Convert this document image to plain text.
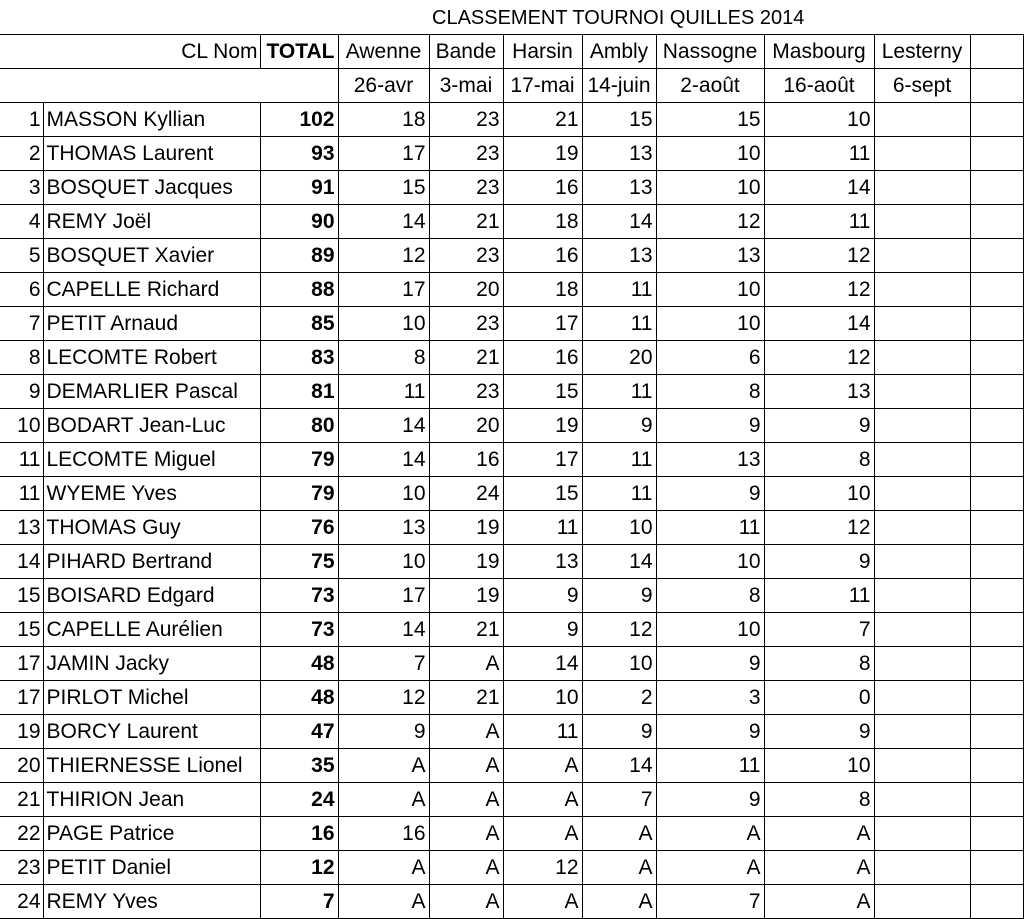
CLASSEMENT TOURNOI QUILLES 2014
CL Nom		TOTAL	Awenne	Bande	Harsin	Ambly	Nassogne	Masbourg	Lesterny	
			26-avr	3-mai	17-mai	14-juin	2-août	16-août	6-sept	
1	MASSON Kyllian	102	18	23	21	15	15	10		
2	THOMAS Laurent	93	17	23	19	13	10	11		
3	BOSQUET Jacques	91	15	23	16	13	10	14		
4	REMY Joël	90	14	21	18	14	12	11		
5	BOSQUET Xavier	89	12	23	16	13	13	12		
6	CAPELLE Richard	88	17	20	18	11	10	12		
7	PETIT Arnaud	85	10	23	17	11	10	14		
8	LECOMTE Robert	83	8	21	16	20	6	12		
9	DEMARLIER Pascal	81	11	23	15	11	8	13		
10	BODART Jean-Luc	80	14	20	19	9	9	9		
11	LECOMTE Miguel	79	14	16	17	11	13	8		
11	WYEME Yves	79	10	24	15	11	9	10		
13	THOMAS Guy	76	13	19	11	10	11	12		
14	PIHARD Bertrand	75	10	19	13	14	10	9		
15	BOISARD Edgard	73	17	19	9	9	8	11		
15	CAPELLE Aurélien	73	14	21	9	12	10	7		
17	JAMIN Jacky	48	7	A	14	10	9	8		
17	PIRLOT Michel	48	12	21	10	2	3	0		
19	BORCY Laurent	47	9	A	11	9	9	9		
20	THIERNESSE Lionel	35	A	A	A	14	11	10		
21	THIRION Jean	24	A	A	A	7	9	8		
22	PAGE Patrice	16	16	A	A	A	A	A		
23	PETIT Daniel	12	A	A	12	A	A	A		
24	REMY Yves	7	A	A	A	A	7	A		
